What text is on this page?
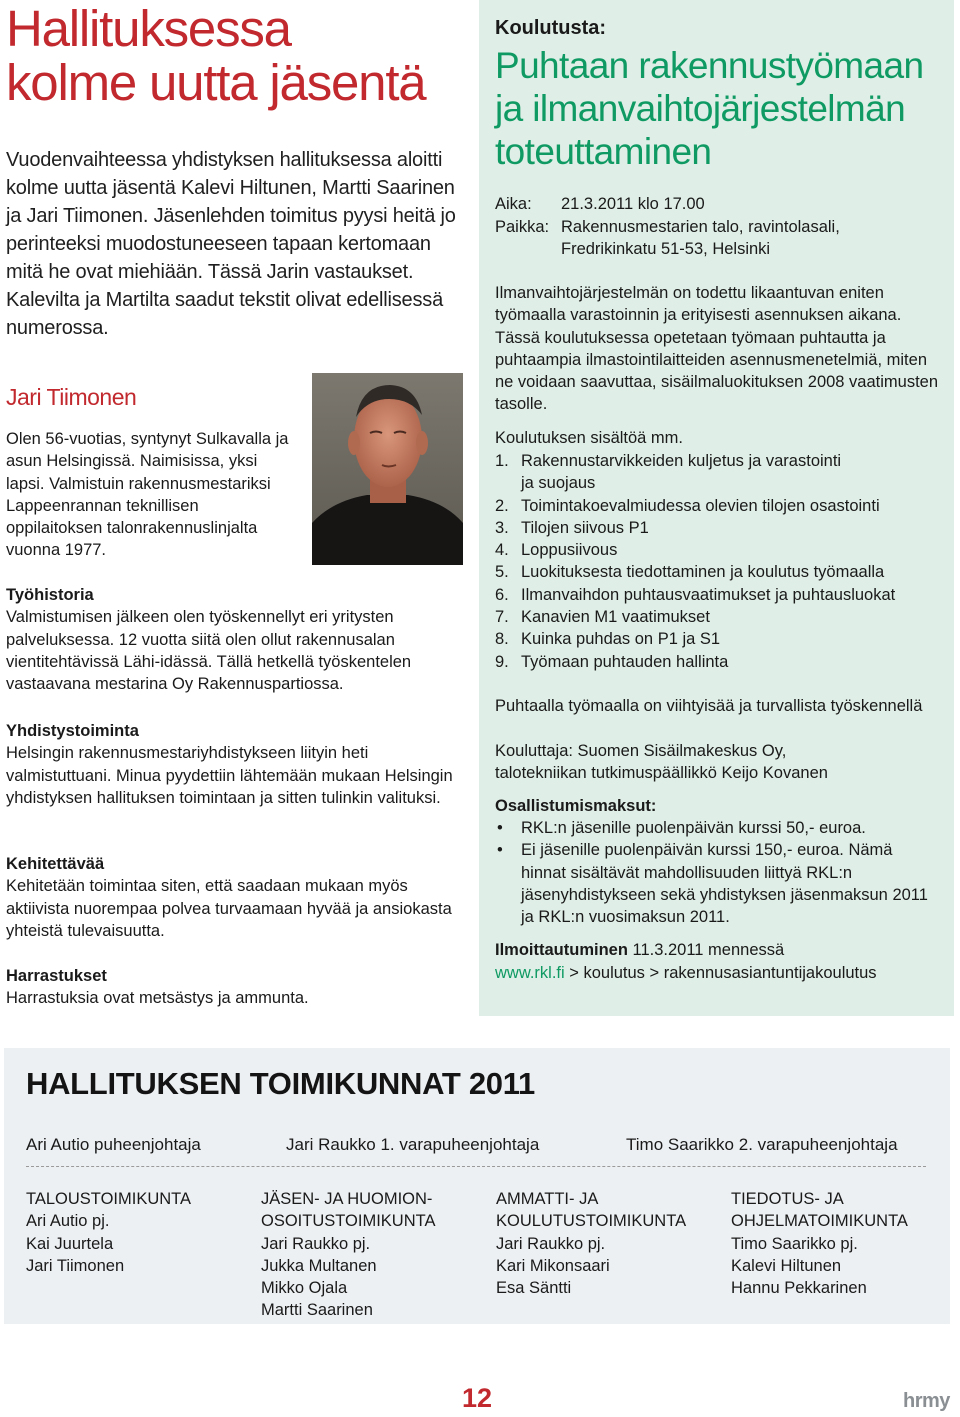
Hallituksessa
kolme uutta jäsentä

Vuodenvaihteessa yhdistyksen hallituksessa aloitti kolme uutta jäsentä Kalevi Hiltunen, Martti Saarinen ja Jari Tiimonen. Jäsenlehden toimitus pyysi heitä jo perinteeksi muodostuneeseen tapaan kertomaan mitä he ovat miehiään. Tässä Jarin vastaukset. Kalevilta ja Martilta saadut tekstit olivat edellisessä numerossa.

Jari Tiimonen

Olen 56-vuotias, syntynyt Sulkavalla ja asun Helsingissä. Naimisissa, yksi lapsi. Valmistuin rakennusmestariksi Lappeenrannan teknillisen oppilaitoksen talonrakennuslinjalta vuonna 1977.

Työhistoria

Valmistumisen jälkeen olen työskennellyt eri yritysten palveluksessa. 12 vuotta siitä olen ollut rakennusalan vientitehtävissä Lähi-idässä. Tällä hetkellä työskentelen vastaavana mestarina Oy Rakennuspartiossa.

Yhdistystoiminta

Helsingin rakennusmestariyhdistykseen liityin heti valmistuttuani. Minua pyydettiin lähtemään mukaan Helsingin yhdistyksen hallituksen toimintaan ja sitten tulinkin valituksi.

Kehitettävää

Kehitetään toimintaa siten, että saadaan mukaan myös aktiivista nuorempaa polvea turvaamaan hyvää ja ansiokasta yhteistä tulevaisuutta.

Harrastukset

Harrastuksia ovat metsästys ja ammunta.

Koulutusta:
Puhtaan rakennustyömaan
ja ilmanvaihtojärjestelmän
toteuttaminen
Aika: 21.3.2011 klo 17.00
Paikka: Rakennusmestarien talo, ravintolasali,
Fredrikinkatu 51-53, Helsinki

Ilmanvaihtojärjestelmän on todettu likaantuvan eniten työmaalla varastoinnin ja erityisesti asennuksen aikana. Tässä koulutuksessa opetetaan työmaan puhtautta ja puhtaampia ilmastointilaitteiden asennusmenetelmiä, miten ne voidaan saavuttaa, sisäilmaluokituksen 2008 vaatimusten tasolle.

Koulutuksen sisältöä mm.
1. Rakennustarvikkeiden kuljetus ja varastointi ja suojaus
2. Toimintakoevalmiudessa olevien tilojen osastointi
3. Tilojen siivous P1
4. Loppusiivous
5. Luokituksesta tiedottaminen ja koulutus työmaalla
6. Ilmanvaihdon puhtausvaatimukset ja puhtausluokat
7. Kanavien M1 vaatimukset
8. Kuinka puhdas on P1 ja S1
9. Työmaan puhtauden hallinta

Puhtaalla työmaalla on viihtyisää ja turvallista työskennellä

Kouluttaja: Suomen Sisäilmakeskus Oy,
talotekniikan tutkimuspäällikkö Keijo Kovanen
Osallistumismaksut:
• RKL:n jäsenille puolenpäivän kurssi 50,- euroa.
• Ei jäsenille puolenpäivän kurssi 150,- euroa. Nämä hinnat sisältävät mahdollisuuden liittyä RKL:n jäsenyhdistykseen sekä yhdistyksen jäsenmaksun 2011 ja RKL:n vuosimaksun 2011.
Ilmoittautuminen 11.3.2011 mennessä
www.rkl.fi > koulutus > rakennusasiantuntijakoulutus
HALLITUKSEN TOIMIKUNNAT 2011
Ari Autio puheenjohtaja	Jari Raukko 1. varapuheenjohtaja	Timo Saarikko 2. varapuheenjohtaja
TALOUSTOIMIKUNTA
Ari Autio pj.
Kai Juurtela
Jari Tiimonen
JÄSEN- JA HUOMION-
OSOITUSTOIMIKUNTA
Jari Raukko pj.
Jukka Multanen
Mikko Ojala
Martti Saarinen
AMMATTI- JA
KOULUTUSTOIMIKUNTA
Jari Raukko pj.
Kari Mikonsaari
Esa Säntti
TIEDOTUS- JA
OHJELMATOIMIKUNTA
Timo Saarikko pj.
Kalevi Hiltunen
Hannu Pekkarinen
12	hrmy
